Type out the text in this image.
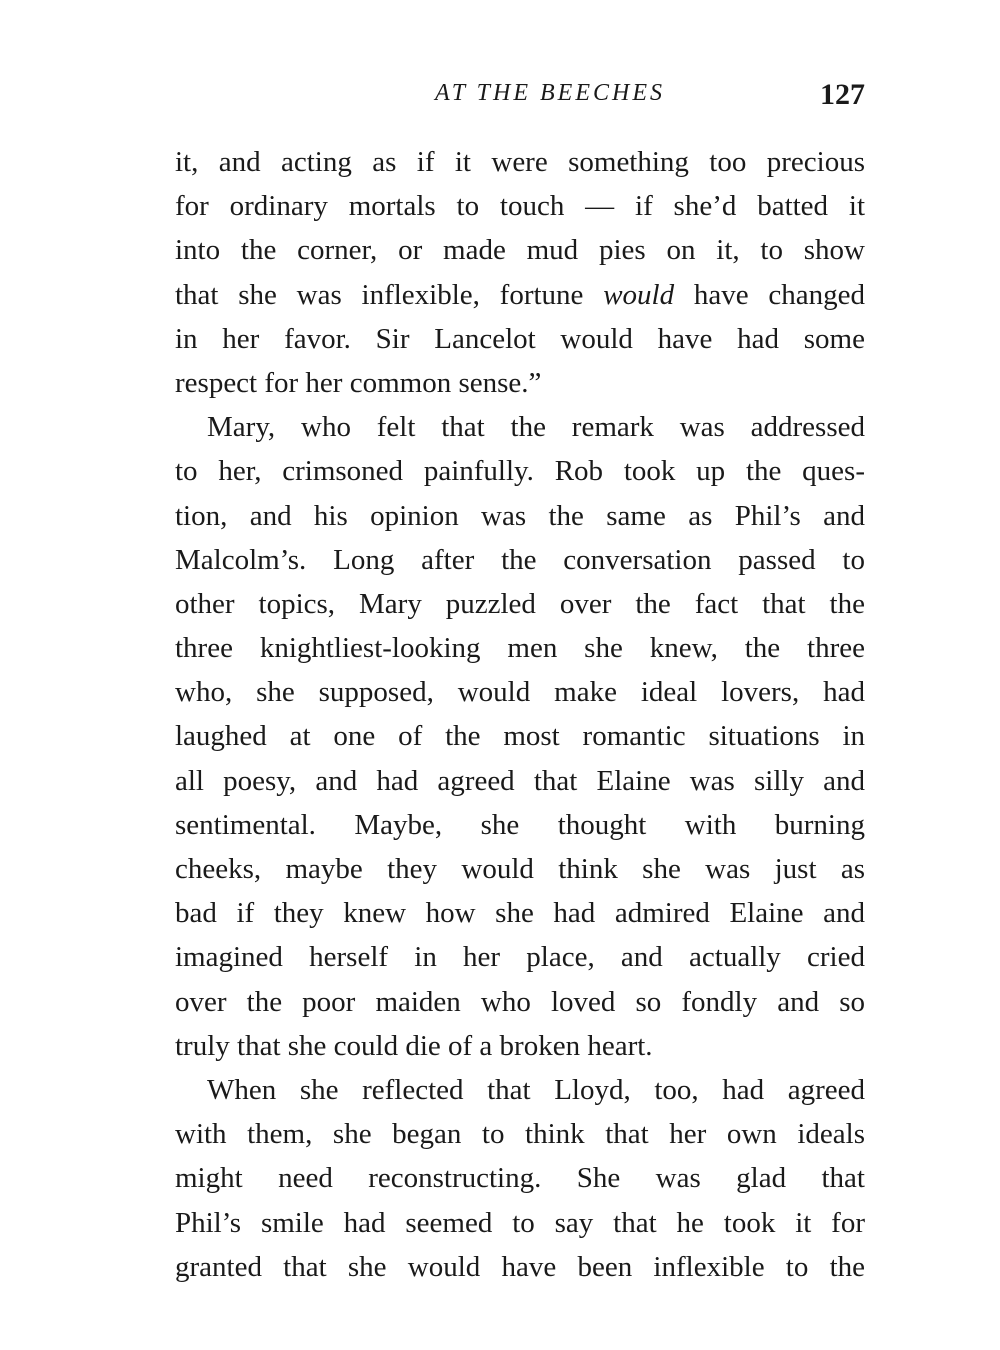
AT THE BEECHES	127
it, and acting as if it were something too precious
for ordinary mortals to touch — if she’d batted it
into the corner, or made mud pies on it, to show
that she was inflexible, fortune would have changed
in her favor. Sir Lancelot would have had some
respect for her common sense.”
Mary, who felt that the remark was addressed
to her, crimsoned painfully. Rob took up the ques-
tion, and his opinion was the same as Phil’s and
Malcolm’s. Long after the conversation passed to
other topics, Mary puzzled over the fact that the
three knightliest-looking men she knew, the three
who, she supposed, would make ideal lovers, had
laughed at one of the most romantic situations in
all poesy, and had agreed that Elaine was silly and
sentimental. Maybe, she thought with burning
cheeks, maybe they would think she was just as
bad if they knew how she had admired Elaine and
imagined herself in her place, and actually cried
over the poor maiden who loved so fondly and so
truly that she could die of a broken heart.
When she reflected that Lloyd, too, had agreed
with them, she began to think that her own ideals
might need reconstructing. She was glad that
Phil’s smile had seemed to say that he took it for
granted that she would have been inflexible to the
